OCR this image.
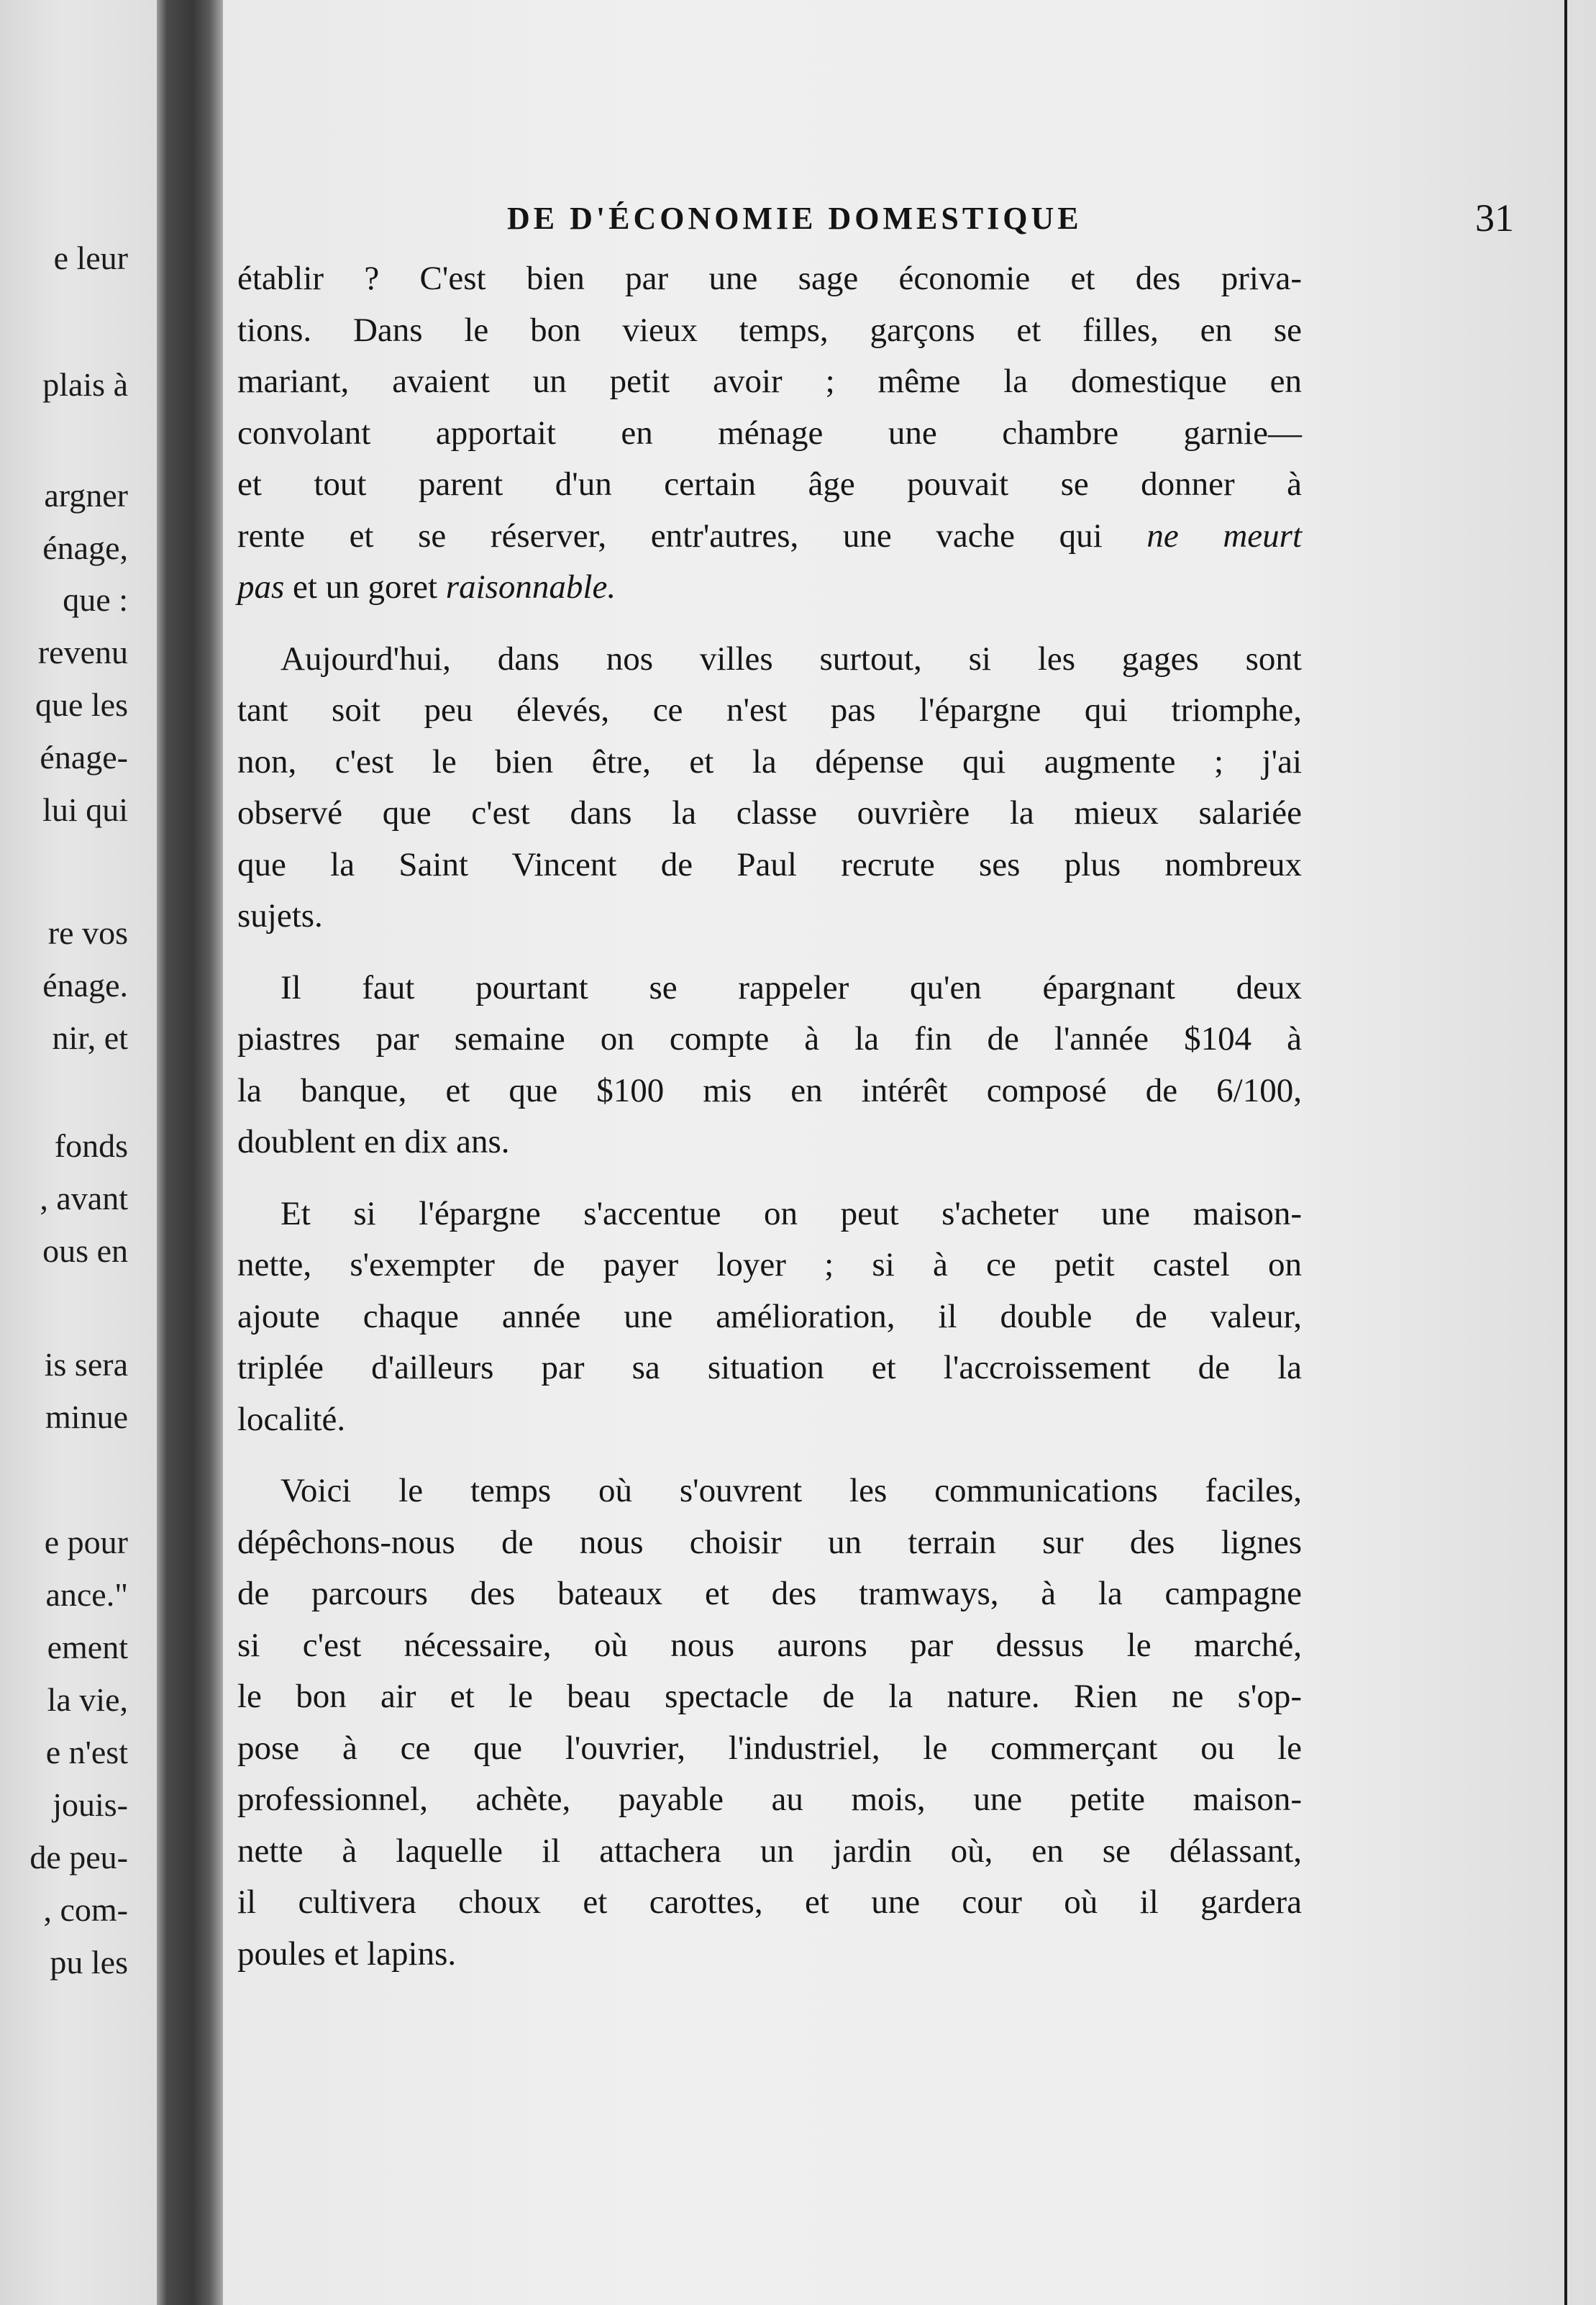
e leur
plais à
argner
énage,
que :
revenu
que les
énage-
lui qui
re vos
énage.
nir, et
fonds
, avant
ous en
is sera
minue
e pour
ance."
ement
la vie,
e n'est
jouis-
de peu-
, com-
pu les
DE D'ÉCONOMIE DOMESTIQUE	31
établir ? C'est bien par une sage économie et des priva-
tions. Dans le bon vieux temps, garçons et filles, en se
mariant, avaient un petit avoir ; même la domestique en
convolant apportait en ménage une chambre garnie—
et tout parent d'un certain âge pouvait se donner à
rente et se réserver, entr'autres, une vache qui ne meurt
pas et un goret raisonnable.
Aujourd'hui, dans nos villes surtout, si les gages sont
tant soit peu élevés, ce n'est pas l'épargne qui triomphe,
non, c'est le bien être, et la dépense qui augmente ; j'ai
observé que c'est dans la classe ouvrière la mieux salariée
que la Saint Vincent de Paul recrute ses plus nombreux
sujets.
Il faut pourtant se rappeler qu'en épargnant deux
piastres par semaine on compte à la fin de l'année $104 à
la banque, et que $100 mis en intérêt composé de 6/100,
doublent en dix ans.
Et si l'épargne s'accentue on peut s'acheter une maison-
nette, s'exempter de payer loyer ; si à ce petit castel on
ajoute chaque année une amélioration, il double de valeur,
triplée d'ailleurs par sa situation et l'accroissement de la
localité.
Voici le temps où s'ouvrent les communications faciles,
dépêchons-nous de nous choisir un terrain sur des lignes
de parcours des bateaux et des tramways, à la campagne
si c'est nécessaire, où nous aurons par dessus le marché,
le bon air et le beau spectacle de la nature. Rien ne s'op-
pose à ce que l'ouvrier, l'industriel, le commerçant ou le
professionnel, achète, payable au mois, une petite maison-
nette à laquelle il attachera un jardin où, en se délassant,
il cultivera choux et carottes, et une cour où il gardera
poules et lapins.
